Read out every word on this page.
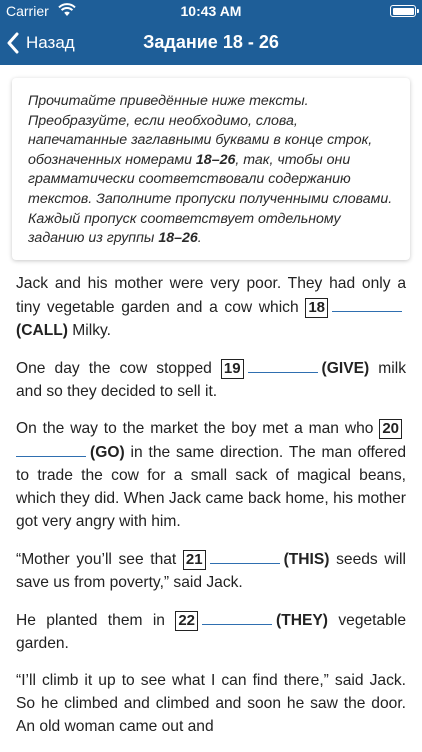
Carrier	10:43 AM
Назад	Задание 18 - 26
Прочитайте приведённые ниже тексты. Преобразуйте, если необходимо, слова, напечатанные заглавными буквами в конце строк, обозначенных номерами 18–26, так, чтобы они грамматически соответствовали содержанию текстов. Заполните пропуски полученными словами. Каждый пропуск соответствует отдельному заданию из группы 18–26.

Jack and his mother were very poor. They had only a tiny vegetable garden and a cow which 18(CALL) Milky.

One day the cow stopped 19	(GIVE) milk and so they decided to sell it.

On the way to the market the boy met a man who 20(GO) in the same direction. The man offered to trade the cow for a small sack of magical beans, which they did. When Jack came back home, his mother got very angry with him.

“Mother you’ll see that 21	(THIS) seeds will save us from poverty,” said Jack.

He planted them in 22	(THEY) vegetable garden.

“I’ll climb it up to see what I can find there,” said Jack. So he climbed and climbed and soon he saw the door. An old woman came out and
